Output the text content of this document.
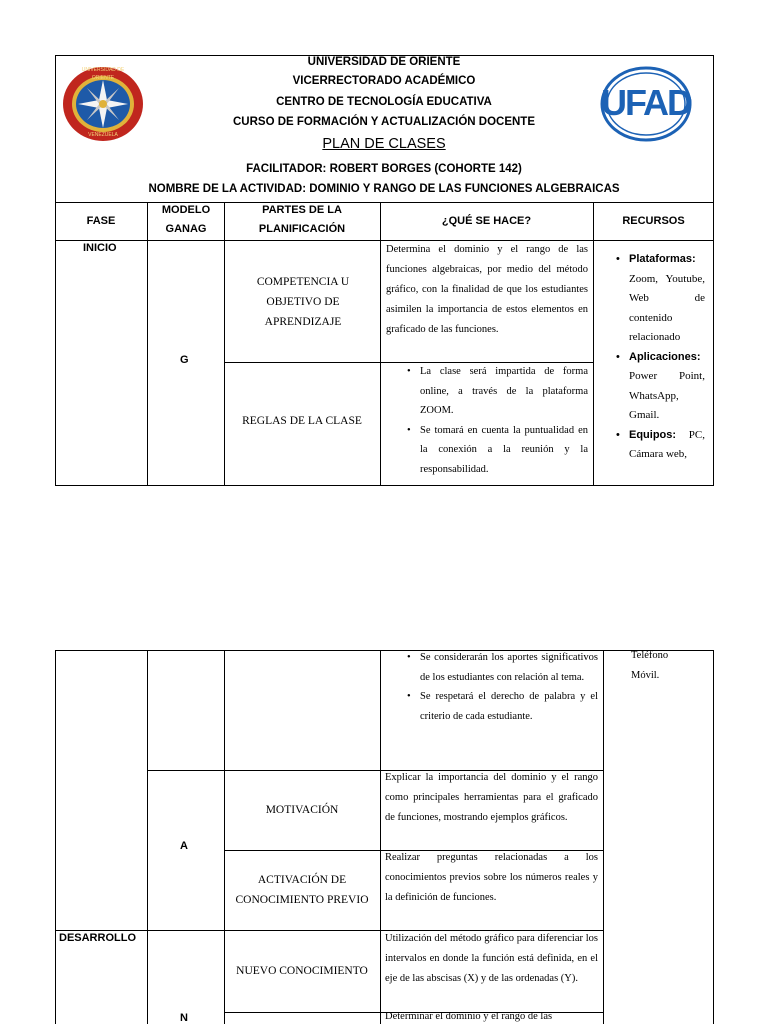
UNIVERSIDAD DE ORIENTE
VENEZUELA
UFAD
UNIVERSIDAD DE ORIENTE
VICERRECTORADO ACADÉMICO
CENTRO DE TECNOLOGÍA EDUCATIVA
CURSO DE FORMACIÓN Y ACTUALIZACIÓN DOCENTE
PLAN DE CLASES
FACILITADOR: ROBERT BORGES (COHORTE 142)
NOMBRE DE LA ACTIVIDAD: DOMINIO Y RANGO DE LAS FUNCIONES ALGEBRAICAS
FASE
MODELO GANAG
PARTES DE LA PLANIFICACIÓN
¿QUÉ SE HACE?	RECURSOS
INICIO
G
COMPETENCIA U OBJETIVO DE APRENDIZAJE
Determina el dominio y el rango de las funciones algebraicas, por medio del método gráfico, con la finalidad de que los estudiantes asimilen la importancia de estos elementos en graficado de las funciones.
REGLAS DE LA CLASE
• La clase será impartida de forma online, a través de la plataforma ZOOM.
• Se tomará en cuenta la puntualidad en la conexión a la reunión y la responsabilidad.
• Plataformas: Zoom, Youtube, Web de contenido relacionado
• Aplicaciones: Power Point, WhatsApp, Gmail.
• Equipos: PC, Cámara web,
• Se considerarán los aportes significativos de los estudiantes con relación al tema.
• Se respetará el derecho de palabra y el criterio de cada estudiante.
Teléfono Móvil.
A
MOTIVACIÓN
Explicar la importancia del dominio y el rango como principales herramientas para el graficado de funciones, mostrando ejemplos gráficos.
ACTIVACIÓN DE CONOCIMIENTO PREVIO
Realizar preguntas relacionadas a los conocimientos previos sobre los números reales y la definición de funciones.
DESARROLLO
NUEVO CONOCIMIENTO
Utilización del método gráfico para diferenciar los intervalos en donde la función está definida, en el eje de las abscisas (X) y de las ordenadas (Y).
N	Determinar el dominio y el rango de las
